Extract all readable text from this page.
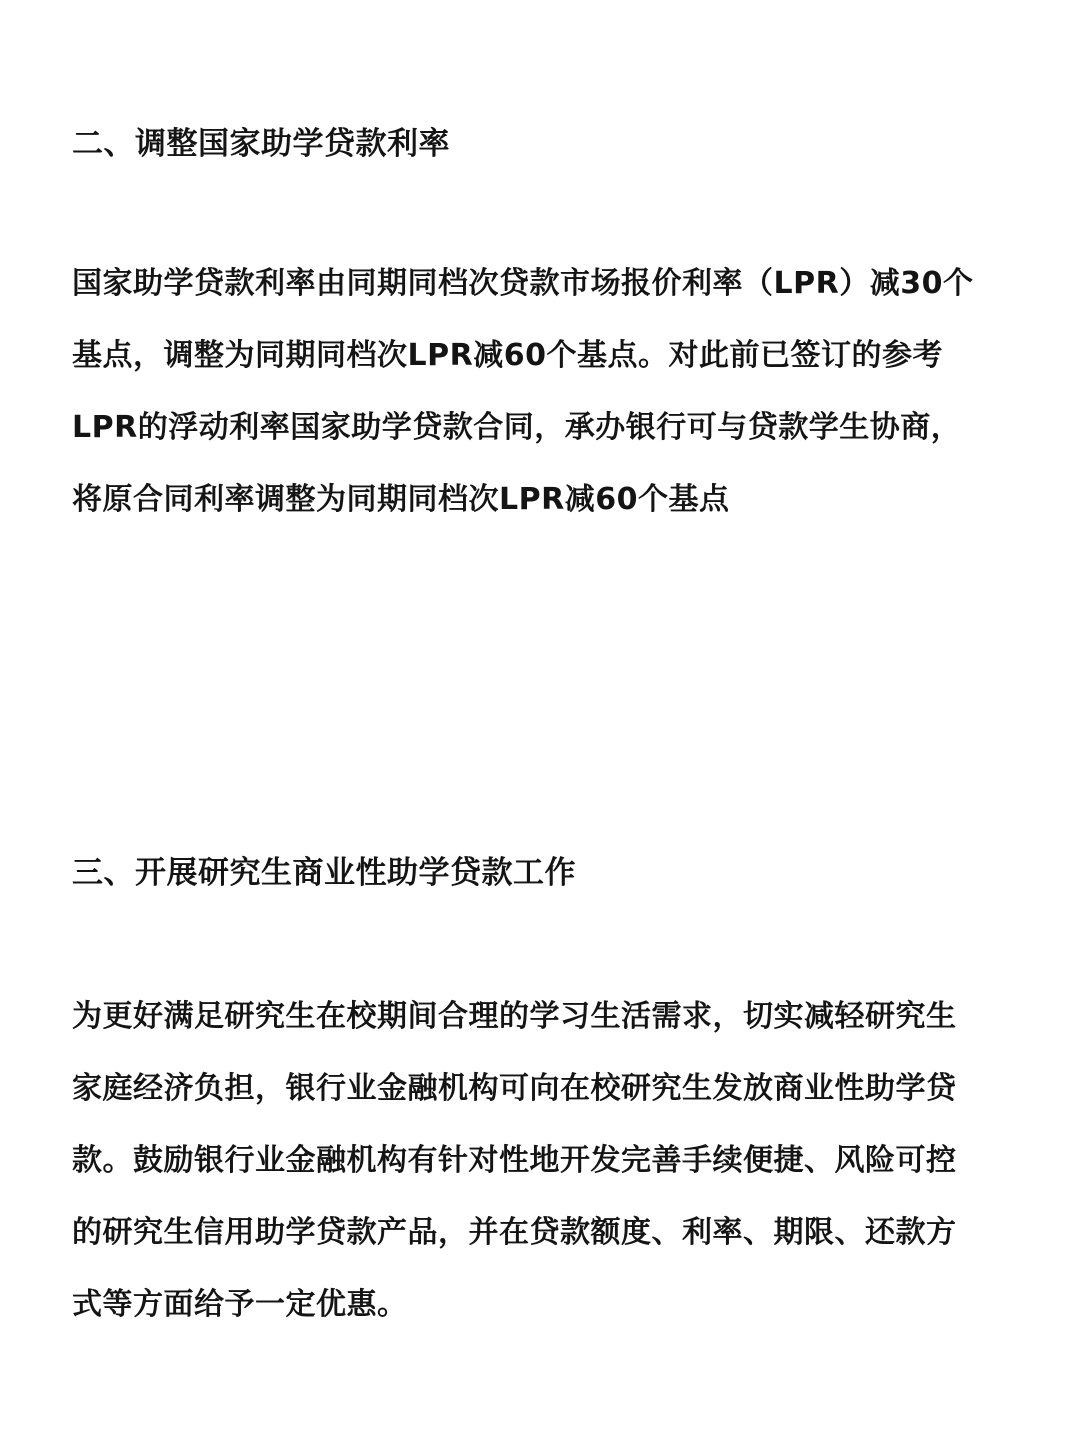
二、调整国家助学贷款利率
国家助学贷款利率由同期同档次贷款市场报价利率（LPR）减30个
基点，调整为同期同档次LPR减60个基点。对此前已签订的参考
LPR的浮动利率国家助学贷款合同，承办银行可与贷款学生协商，
将原合同利率调整为同期同档次LPR减60个基点
三、开展研究生商业性助学贷款工作
为更好满足研究生在校期间合理的学习生活需求，切实减轻研究生
家庭经济负担，银行业金融机构可向在校研究生发放商业性助学贷
款。鼓励银行业金融机构有针对性地开发完善手续便捷、风险可控
的研究生信用助学贷款产品，并在贷款额度、利率、期限、还款方
式等方面给予一定优惠。
